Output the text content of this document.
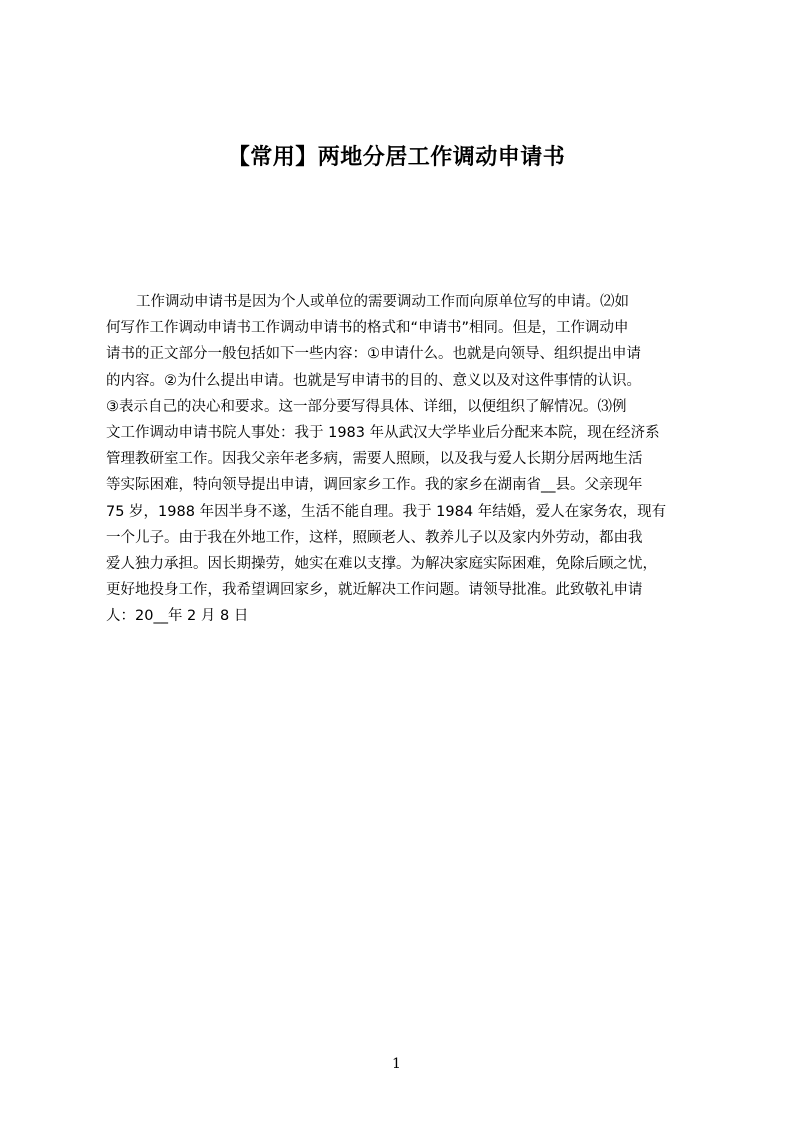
【常用】两地分居工作调动申请书
工作调动申请书是因为个人或单位的需要调动工作而向原单位写的申请。⑵如
何写作工作调动申请书工作调动申请书的格式和“申请书”相同。但是，工作调动申
请书的正文部分一般包括如下一些内容：①申请什么。也就是向领导、组织提出申请
的内容。②为什么提出申请。也就是写申请书的目的、意义以及对这件事情的认识。
③表示自己的决心和要求。这一部分要写得具体、详细，以便组织了解情况。⑶例
文工作调动申请书院人事处：我于 1983 年从武汉大学毕业后分配来本院，现在经济系
管理教研室工作。因我父亲年老多病，需要人照顾，以及我与爱人长期分居两地生活
等实际困难，特向领导提出申请，调回家乡工作。我的家乡在湖南省__县。父亲现年
75 岁，1988 年因半身不遂，生活不能自理。我于 1984 年结婚，爱人在家务农，现有
一个儿子。由于我在外地工作，这样，照顾老人、教养儿子以及家内外劳动，都由我
爱人独力承担。因长期操劳，她实在难以支撑。为解决家庭实际困难，免除后顾之忧，
更好地投身工作，我希望调回家乡，就近解决工作问题。请领导批准。此致敬礼申请
人：20__年 2 月 8 日
1
